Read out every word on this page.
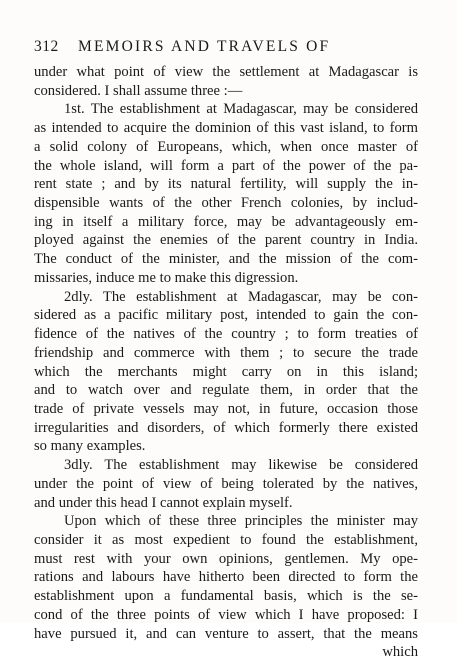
312 MEMOIRS AND TRAVELS OF
under what point of view the settlement at Madagascar is
considered. I shall assume three :—
1st. The establishment at Madagascar, may be considered
as intended to acquire the dominion of this vast island, to form
a solid colony of Europeans, which, when once master of
the whole island, will form a part of the power of the pa-
rent state ; and by its natural fertility, will supply the in-
dispensible wants of the other French colonies, by includ-
ing in itself a military force, may be advantageously em-
ployed against the enemies of the parent country in India.
The conduct of the minister, and the mission of the com-
missaries, induce me to make this digression.
2dly. The establishment at Madagascar, may be con-
sidered as a pacific military post, intended to gain the con-
fidence of the natives of the country ; to form treaties of
friendship and commerce with them ; to secure the trade
which the merchants might carry on in this island;
and to watch over and regulate them, in order that the
trade of private vessels may not, in future, occasion those
irregularities and disorders, of which formerly there existed
so many examples.
3dly. The establishment may likewise be considered
under the point of view of being tolerated by the natives,
and under this head I cannot explain myself.
Upon which of these three principles the minister may
consider it as most expedient to found the establishment,
must rest with your own opinions, gentlemen. My ope-
rations and labours have hitherto been directed to form the
establishment upon a fundamental basis, which is the se-
cond of the three points of view which I have proposed: I
have pursued it, and can venture to assert, that the means
which
